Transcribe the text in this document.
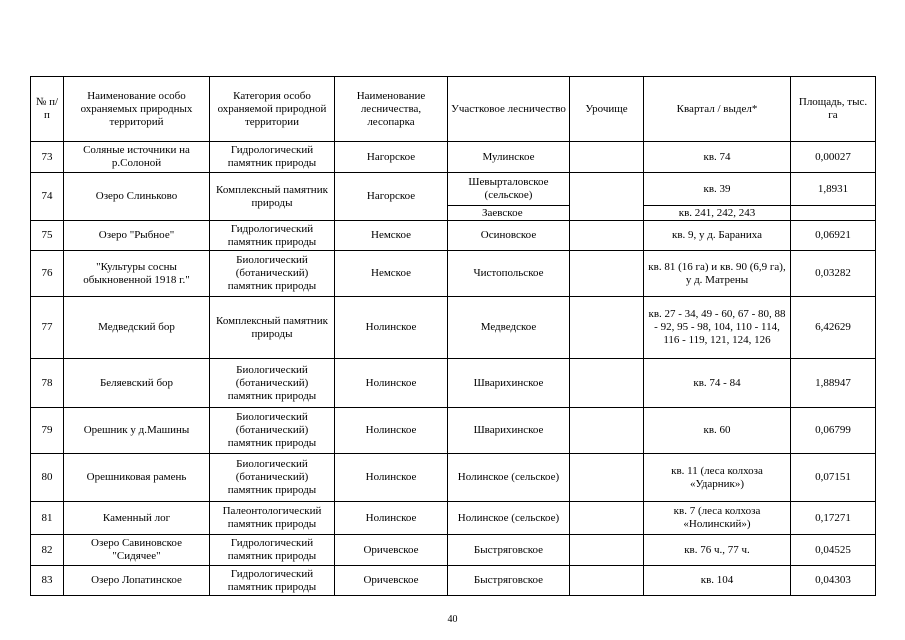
№ п/п	Наименование особо охраняемых природных территорий	Категория особо охраняемой природной территории	Наименование лесничества, лесопарка	Участковое лесничество	Урочище	Квартал / выдел*	Площадь, тыс. га
73	Соляные источники на р.Солоной	Гидрологический памятник природы	Нагорское	Мулинское		кв. 74	0,00027
74	Озеро Слиньково	Комплексный памятник природы	Нагорское	Шевырталовское (сельское)		кв. 39	1,8931
				Заевское		кв. 241, 242, 243	
75	Озеро "Рыбное"	Гидрологический памятник природы	Немское	Осиновское		кв. 9, у д. Бараниха	0,06921
76	"Культуры сосны обыкновенной 1918 г."	Биологический (ботанический) памятник природы	Немское	Чистопольское		кв. 81 (16 га) и кв. 90 (6,9 га), у д. Матрены	0,03282
77	Медведский бор	Комплексный памятник природы	Нолинское	Медведское		кв. 27 - 34, 49 - 60, 67 - 80, 88 - 92, 95 - 98, 104, 110 - 114, 116 - 119, 121, 124, 126	6,42629
78	Беляевский бор	Биологический (ботанический) памятник природы	Нолинское	Шварихинское		кв. 74 - 84	1,88947
79	Орешник у д.Машины	Биологический (ботанический) памятник природы	Нолинское	Шварихинское		кв. 60	0,06799
80	Орешниковая рамень	Биологический (ботанический) памятник природы	Нолинское	Нолинское (сельское)		кв. 11 (леса колхоза «Ударник»)	0,07151
81	Каменный лог	Палеонтологический памятник природы	Нолинское	Нолинское (сельское)		кв. 7 (леса колхоза «Нолинский»)	0,17271
82	Озеро Савиновское "Сидячее"	Гидрологический памятник природы	Оричевское	Быстряговское		кв. 76 ч., 77 ч.	0,04525
83	Озеро Лопатинское	Гидрологический памятник природы	Оричевское	Быстряговское		кв. 104	0,04303
40
